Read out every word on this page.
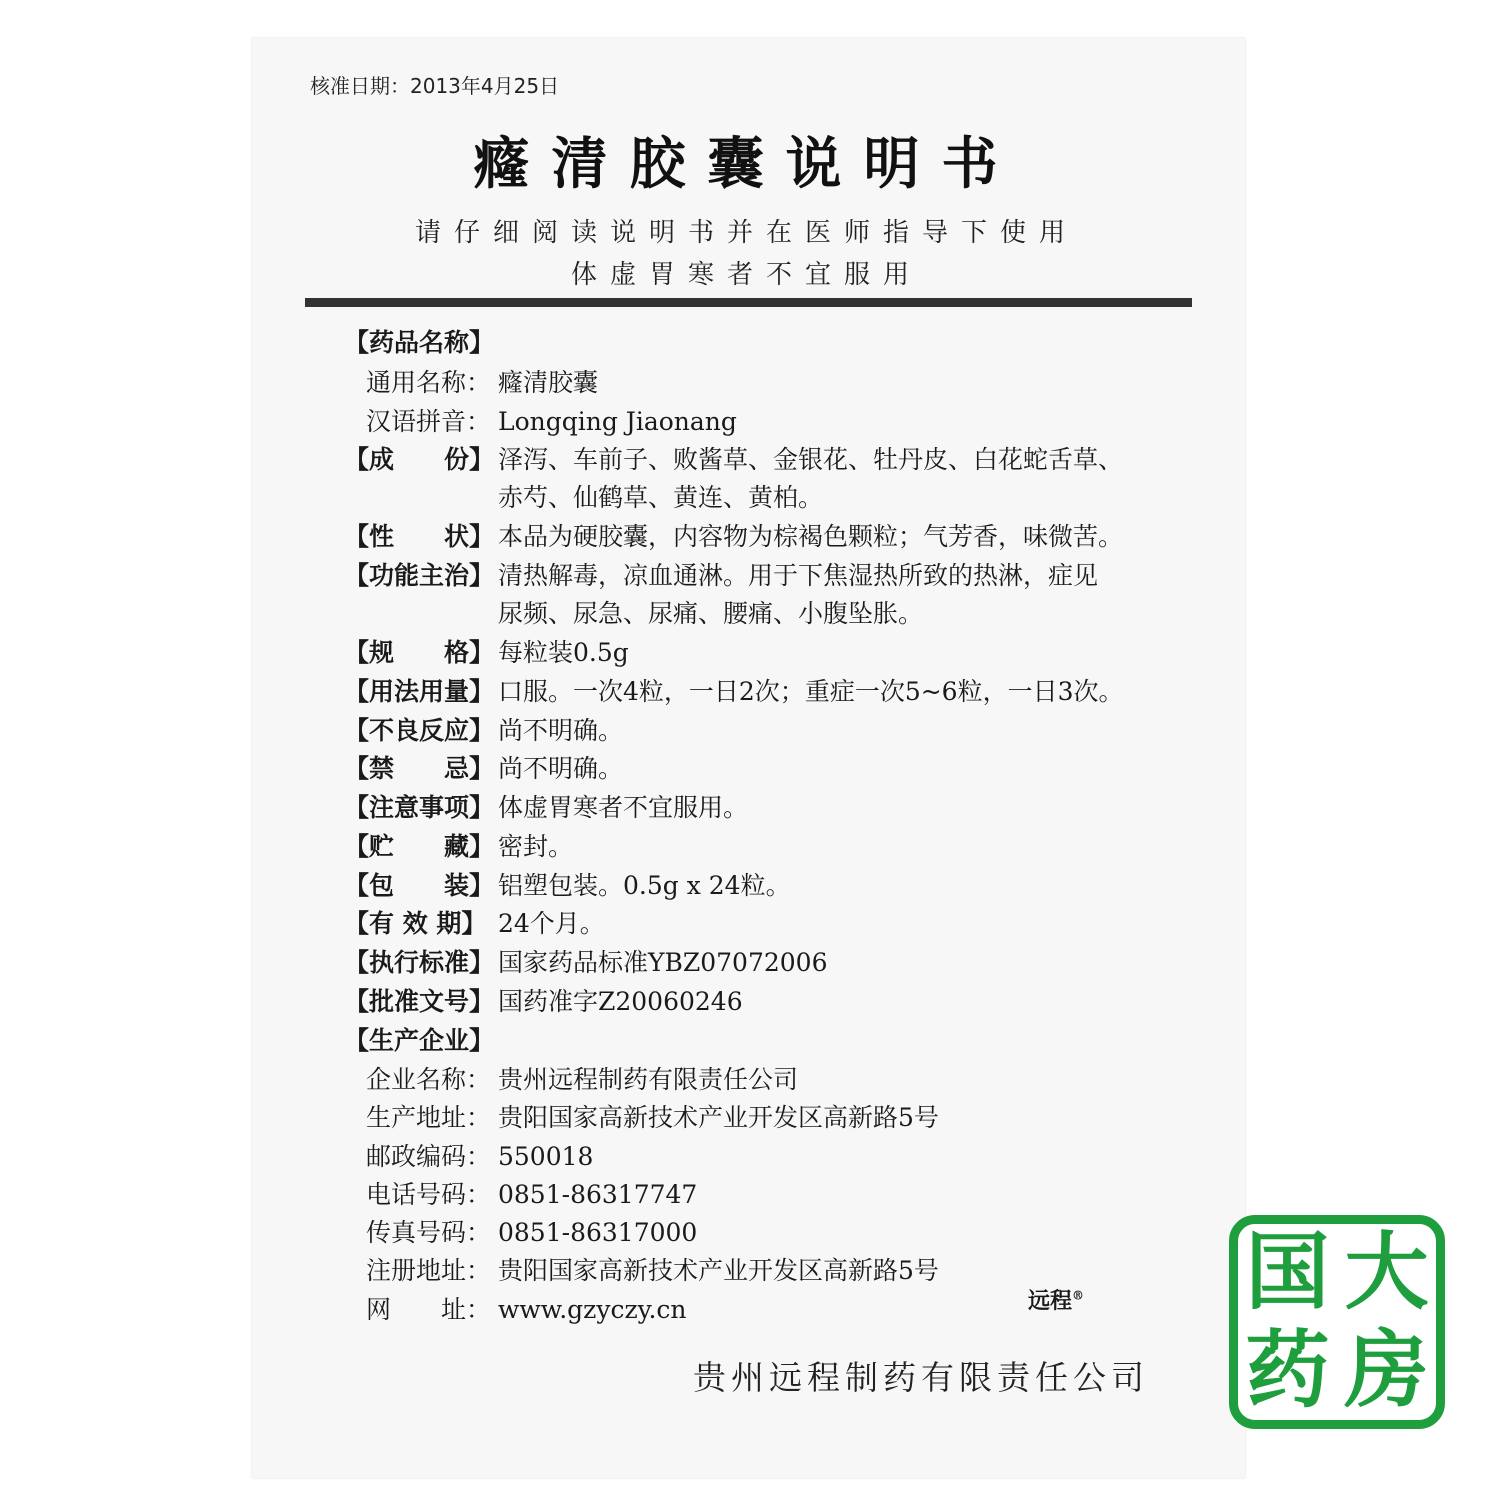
核准日期：2013年4月25日
癃清胶囊说明书
请仔细阅读说明书并在医师指导下使用
体虚胃寒者不宜服用
【药品名称】
通用名称： 癃清胶囊
汉语拼音： Longqing Jiaonang
【成　　份】 泽泻、车前子、败酱草、金银花、牡丹皮、白花蛇舌草、
赤芍、仙鹤草、黄连、黄柏。
【性　　状】 本品为硬胶囊，内容物为棕褐色颗粒；气芳香，味微苦。
【功能主治】 清热解毒，凉血通淋。用于下焦湿热所致的热淋，症见
尿频、尿急、尿痛、腰痛、小腹坠胀。
【规　　格】 每粒装0.5g
【用法用量】 口服。一次4粒，一日2次；重症一次5~6粒，一日3次。
【不良反应】 尚不明确。
【禁　　忌】 尚不明确。
【注意事项】 体虚胃寒者不宜服用。
【贮　　藏】 密封。
【包　　装】 铝塑包装。0.5g x 24粒。
【有 效 期】 24个月。
【执行标准】 国家药品标准YBZ07072006
【批准文号】 国药准字Z20060246
【生产企业】
企业名称： 贵州远程制药有限责任公司
生产地址： 贵阳国家高新技术产业开发区高新路5号
邮政编码： 550018
电话号码： 0851-86317747
传真号码： 0851-86317000
注册地址： 贵阳国家高新技术产业开发区高新路5号
网　　址： www.gzyczy.cn	远程®
贵州远程制药有限责任公司
国 大
药 房
